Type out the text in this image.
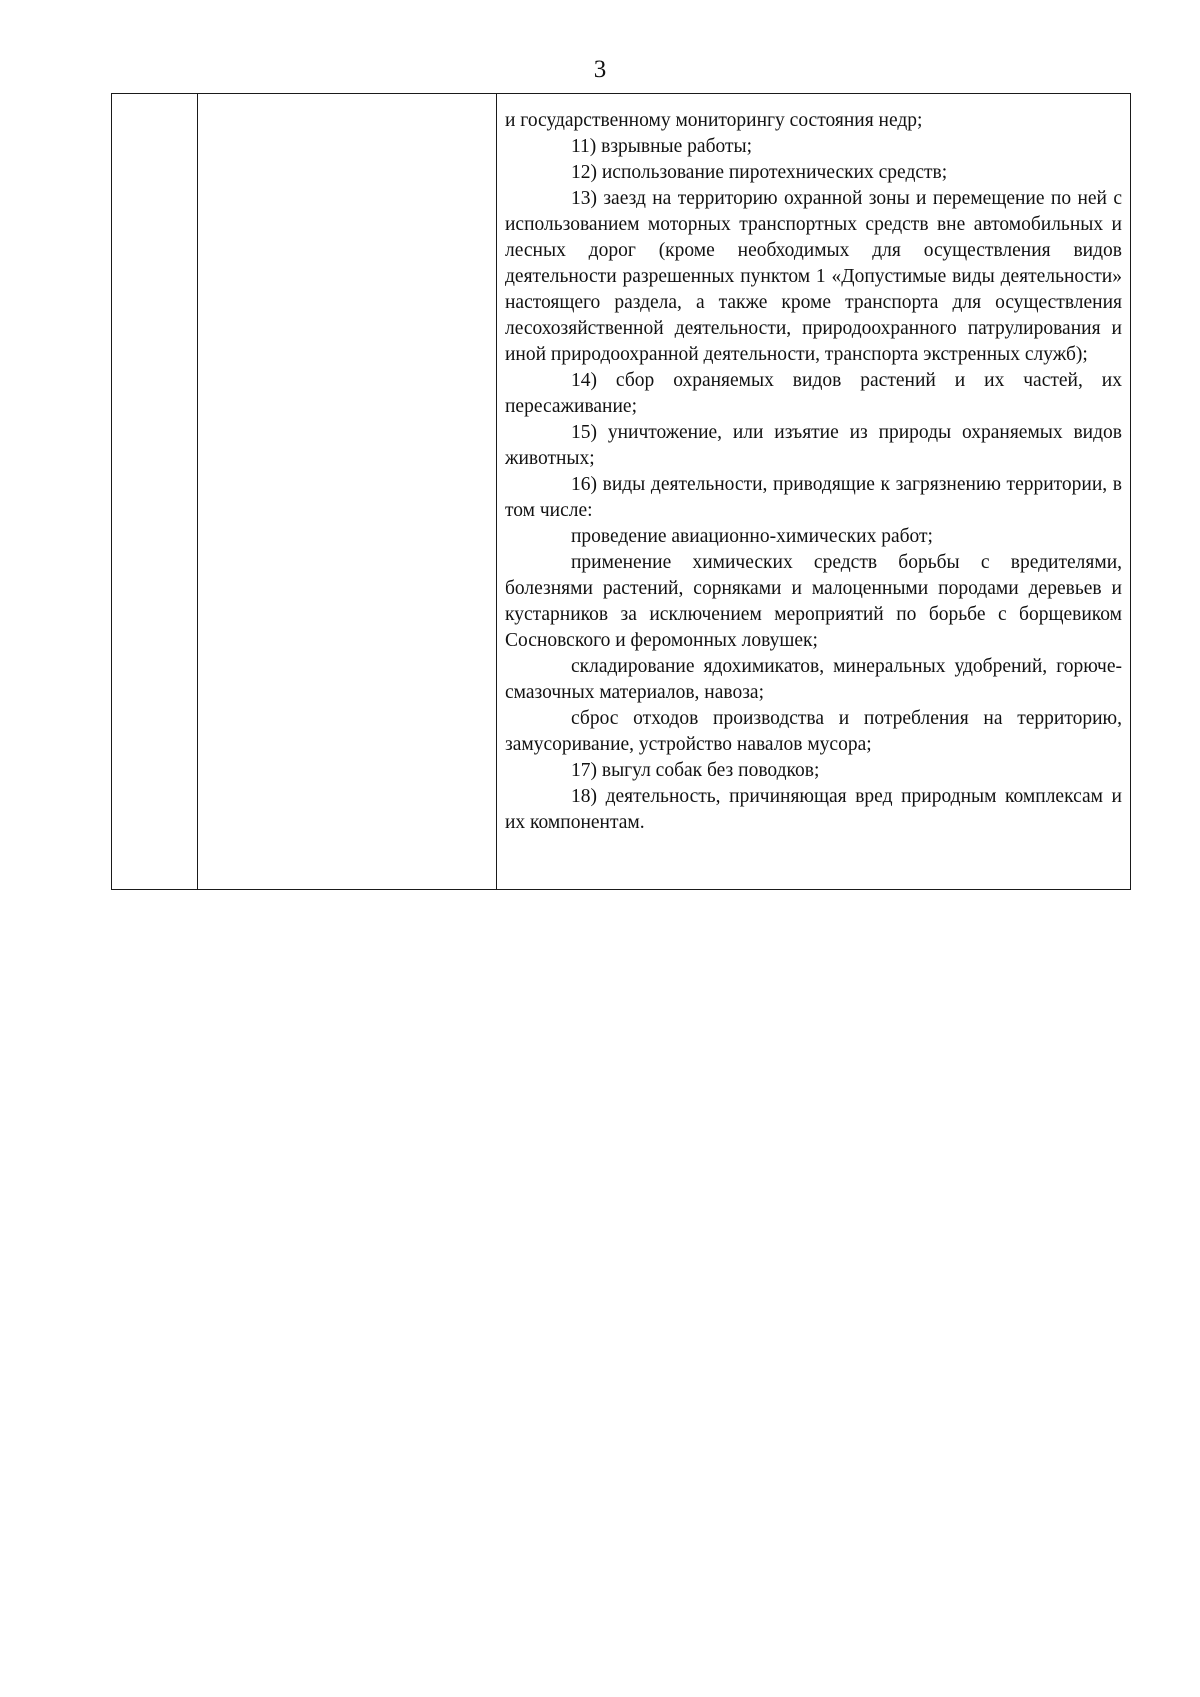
3

и государственному мониторингу состояния недр;

11) взрывные работы;

12) использование пиротехнических средств;

13) заезд на территорию охранной зоны и перемещение по ней с использованием моторных транспортных средств вне автомобильных и лесных дорог (кроме необходимых для осуществления видов деятельности разрешенных пунктом 1 «Допустимые виды деятельности» настоящего раздела, а также кроме транспорта для осуществления лесохозяйственной деятельности, природоохранного патрулирования и иной природоохранной деятельности, транспорта экстренных служб);

14) сбор охраняемых видов растений и их частей, их пересаживание;

15) уничтожение, или изъятие из природы охраняемых видов животных;

16) виды деятельности, приводящие к загрязнению территории, в том числе:

проведение авиационно-химических работ;

применение химических средств борьбы с вредителями, болезнями растений, сорняками и малоценными породами деревьев и кустарников за исключением мероприятий по борьбе с борщевиком Сосновского и феромонных ловушек;

складирование ядохимикатов, минеральных удобрений, горюче-смазочных материалов, навоза;

сброс отходов производства и потребления на территорию, замусоривание, устройство навалов мусора;

17) выгул собак без поводков;

18) деятельность, причиняющая вред природным комплексам и их компонентам.
